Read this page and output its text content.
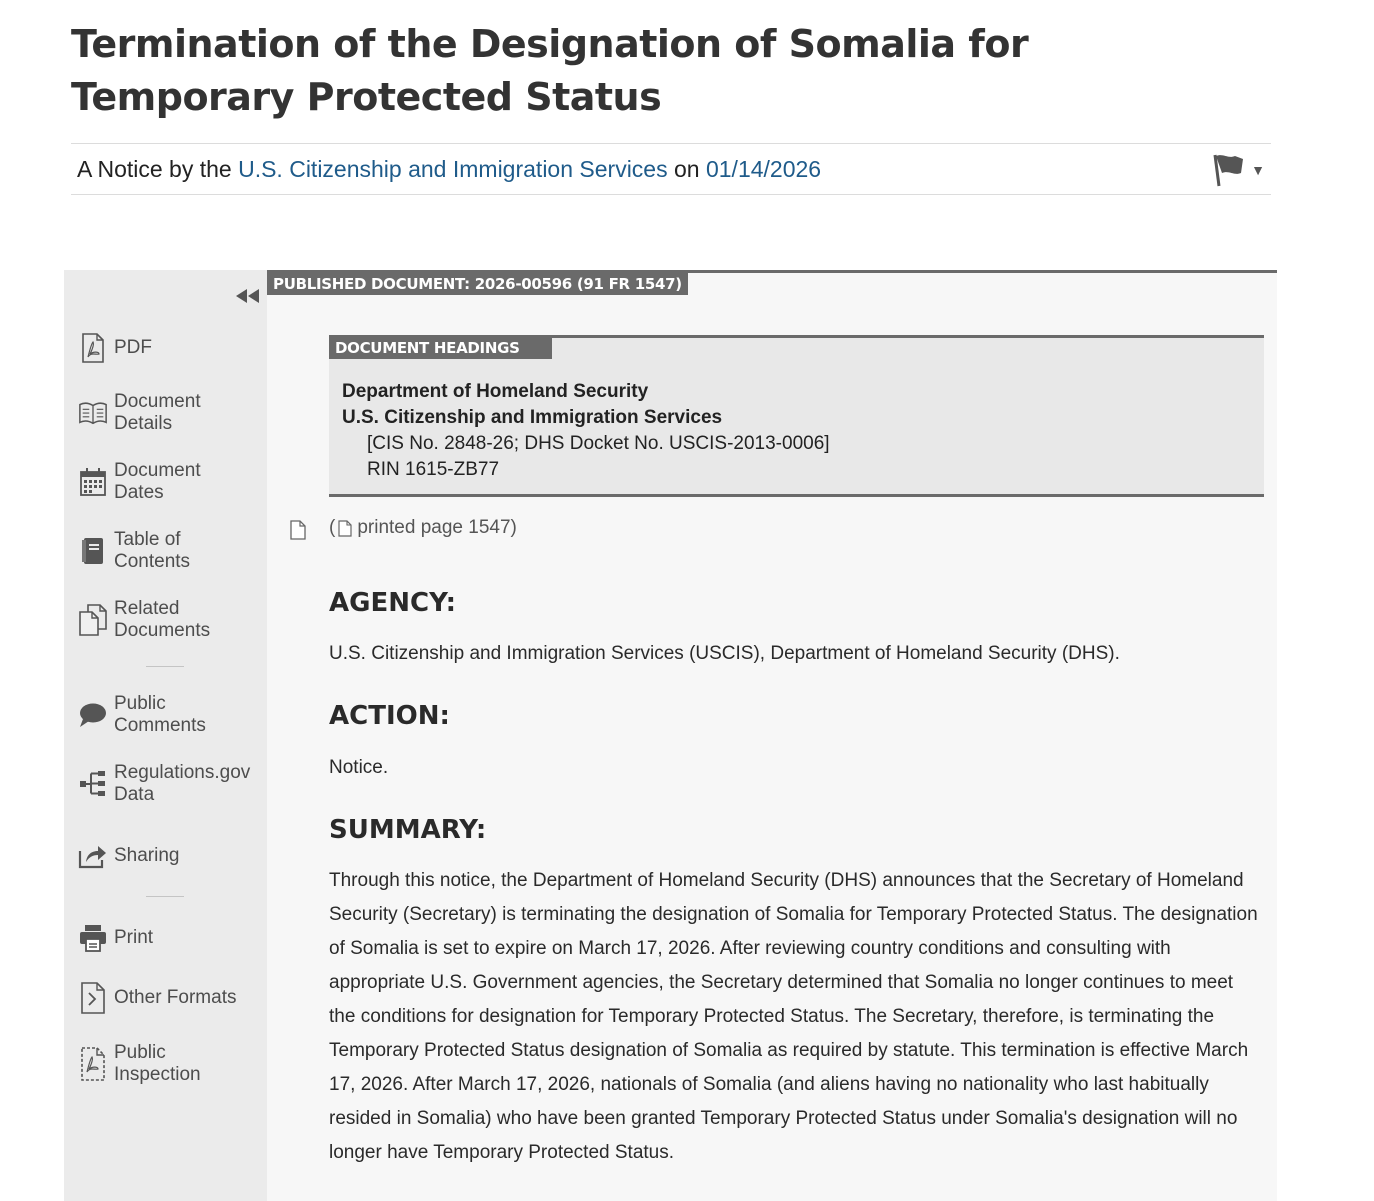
Termination of the Designation of Somalia for Temporary Protected Status
A Notice by the U.S. Citizenship and Immigration Services on 01/14/2026	▼
PDF
Document
Details
Document
Dates
Table of
Contents
Related
Documents
Public
Comments
Regulations.gov
Data
Sharing
Print
Other Formats
Public
Inspection
PUBLISHED DOCUMENT: 2026-00596 (91 FR 1547)
DOCUMENT HEADINGS
Department of Homeland Security
U.S. Citizenship and Immigration Services
[CIS No. 2848-26; DHS Docket No. USCIS-2013-0006]
RIN 1615-ZB77
( printed page 1547)
AGENCY:

U.S. Citizenship and Immigration Services (USCIS), Department of Homeland Security (DHS).

ACTION:

Notice.

SUMMARY:

Through this notice, the Department of Homeland Security (DHS) announces that the Secretary of Homeland Security (Secretary) is terminating the designation of Somalia for Temporary Protected Status. The designation of Somalia is set to expire on March 17, 2026. After reviewing country conditions and consulting with appropriate U.S. Government agencies, the Secretary determined that Somalia no longer continues to meet the conditions for designation for Temporary Protected Status. The Secretary, therefore, is terminating the Temporary Protected Status designation of Somalia as required by statute. This termination is effective March 17, 2026. After March 17, 2026, nationals of Somalia (and aliens having no nationality who last habitually resided in Somalia) who have been granted Temporary Protected Status under Somalia's designation will no longer have Temporary Protected Status.
